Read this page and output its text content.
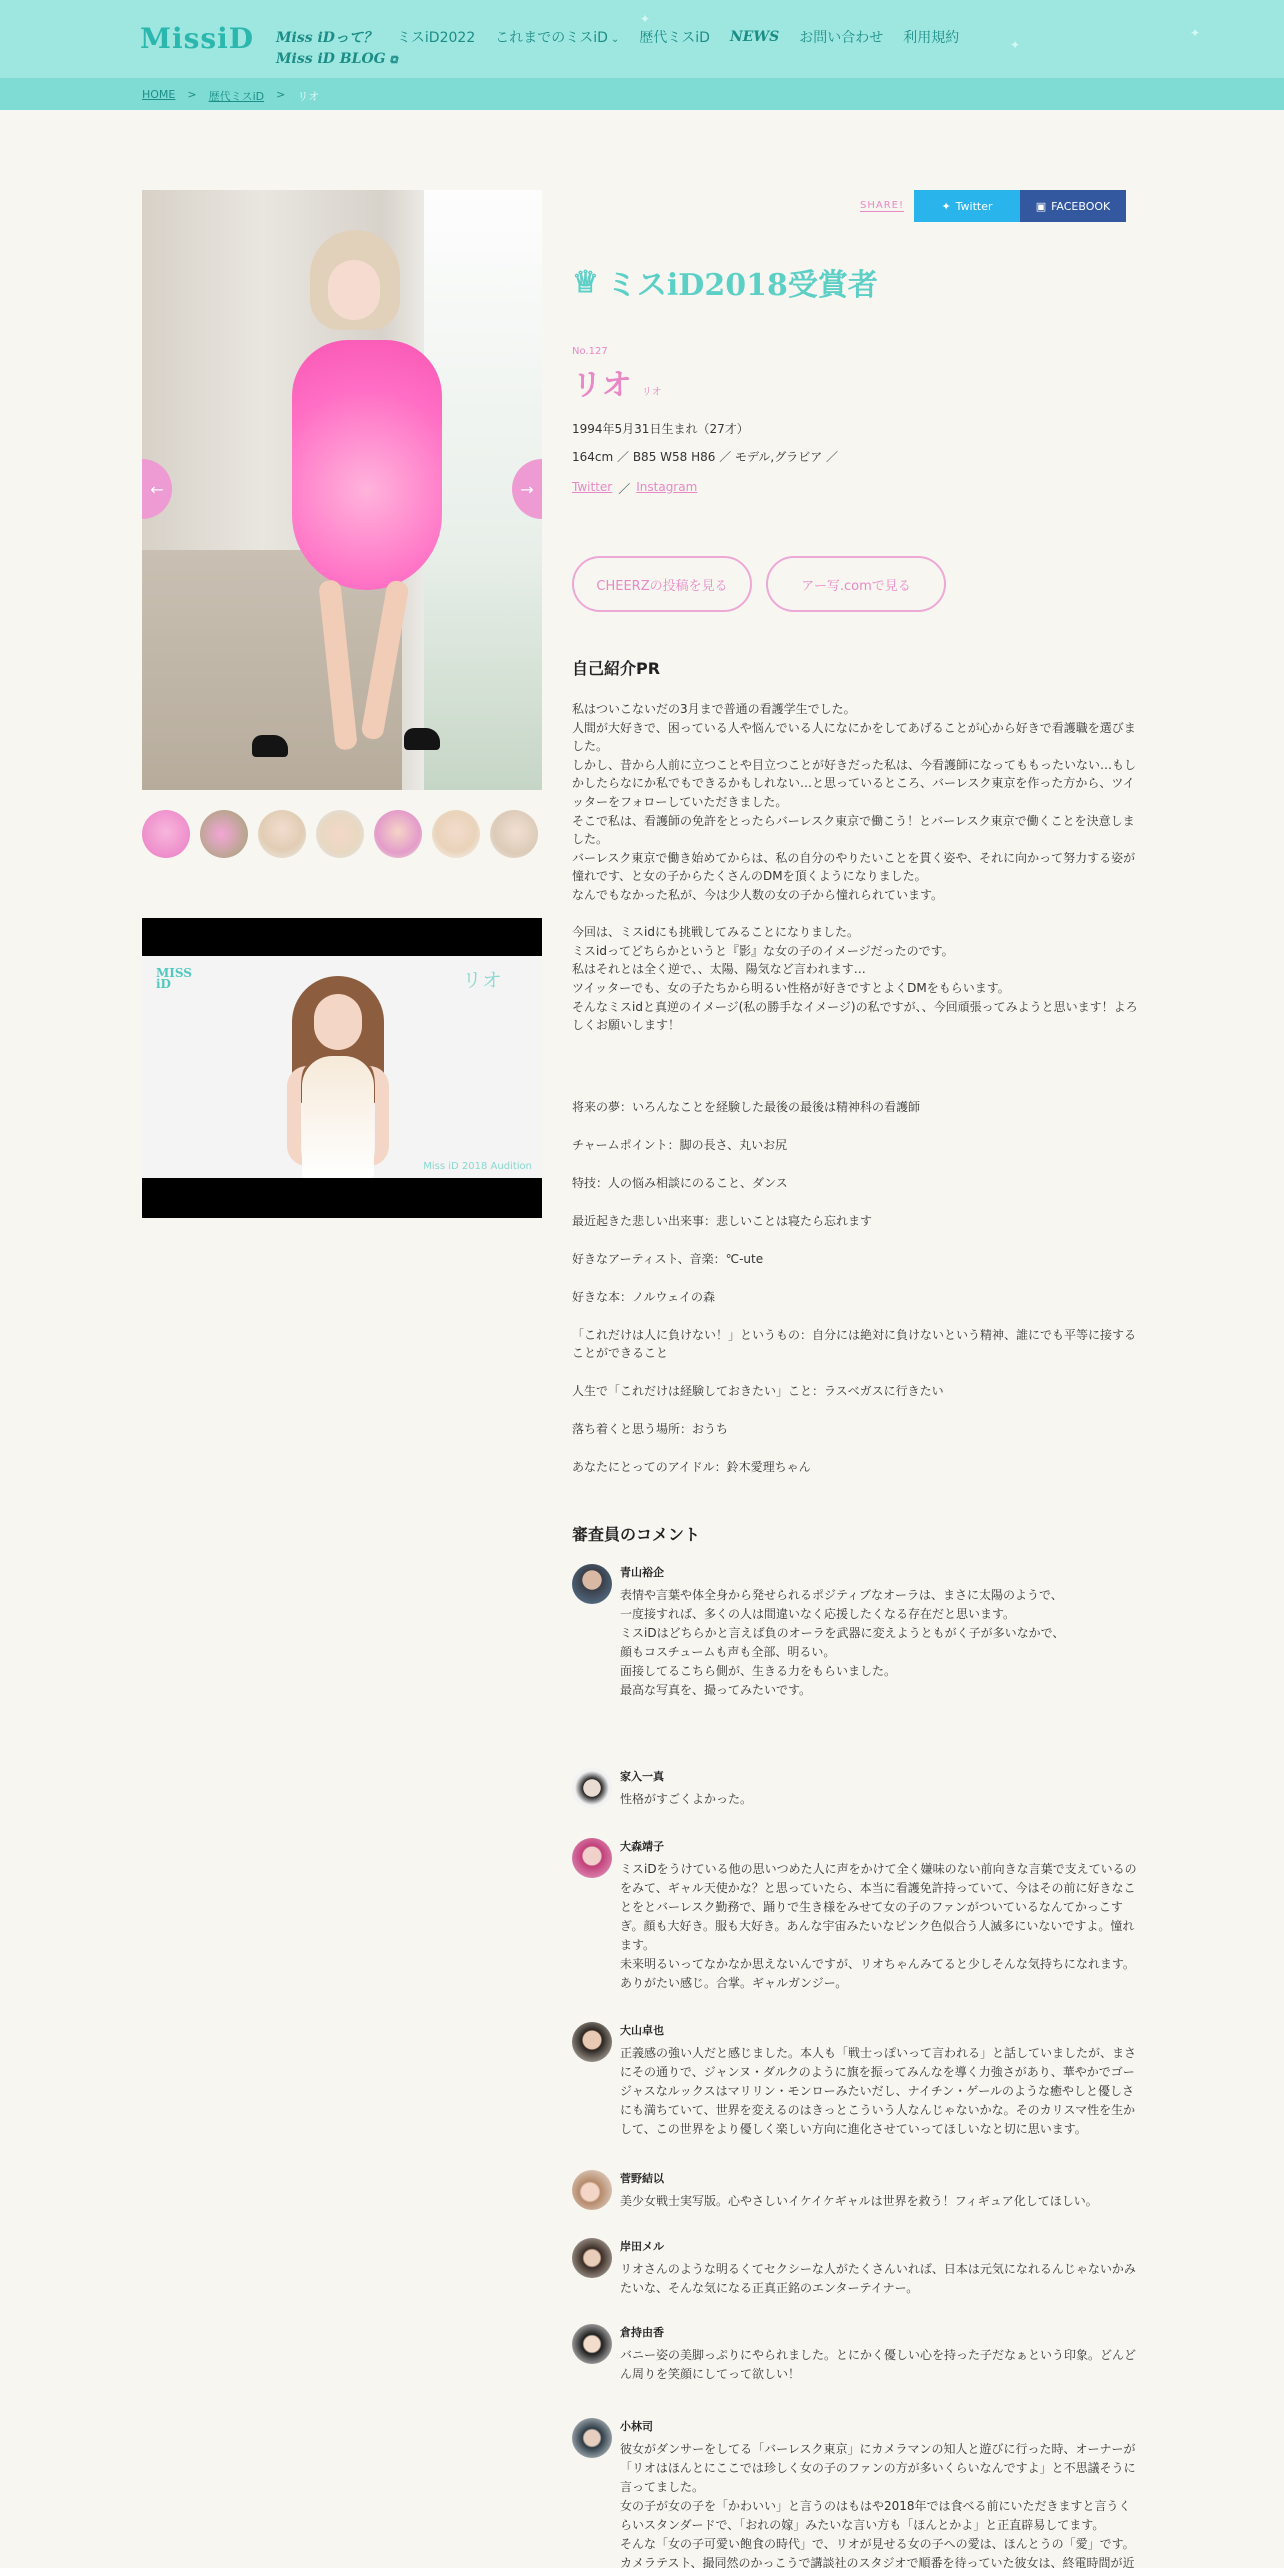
MissiD
✦
✦
✦
Miss iDって？ ミスiD2022 これまでのミスiD ⌄ 歴代ミスiD NEWS お問い合わせ 利用規約
Miss iD BLOG ⧉
HOME > 歴代ミスiD > リオ
←	→
MISS
iD	リオ
Miss iD 2018 Audition
SHARE!	✦ Twitter	▣ FACEBOOK
♕ ミスiD2018受賞者
No.127
リオ リオ
1994年5月31日生まれ（27才）
164cm ／ B85 W58 H86 ／ モデル,グラビア ／
Twitter ／ Instagram
CHEERZの投稿を見る	アー写.comで見る
自己紹介PR
私はついこないだの3月まで普通の看護学生でした。
人間が大好きで、困っている人や悩んでいる人になにかをしてあげることが心から好きで看護職を選びました。
しかし、昔から人前に立つことや目立つことが好きだった私は、今看護師になってももったいない…もしかしたらなにか私でもできるかもしれない…と思っているところ、バーレスク東京を作った方から、ツイッターをフォローしていただきました。
そこで私は、看護師の免許をとったらバーレスク東京で働こう！とバーレスク東京で働くことを決意しました。
バーレスク東京で働き始めてからは、私の自分のやりたいことを貫く姿や、それに向かって努力する姿が憧れです、と女の子からたくさんのDMを頂くようになりました。
なんでもなかった私が、今は少人数の女の子から憧れられています。
今回は、ミスidにも挑戦してみることになりました。
ミスidってどちらかというと『影』な女の子のイメージだったのです。
私はそれとは全く逆で、、太陽、陽気など言われます…
ツイッターでも、女の子たちから明るい性格が好きですとよくDMをもらいます。
そんなミスidと真逆のイメージ(私の勝手なイメージ)の私ですが、、今回頑張ってみようと思います！よろしくお願いします！
将来の夢：いろんなことを経験した最後の最後は精神科の看護師
チャームポイント：脚の長さ、丸いお尻
特技：人の悩み相談にのること、ダンス
最近起きた悲しい出来事：悲しいことは寝たら忘れます
好きなアーティスト、音楽：℃-ute
好きな本：ノルウェイの森
「これだけは人に負けない！」というもの：自分には絶対に負けないという精神、誰にでも平等に接することができること
人生で「これだけは経験しておきたい」こと：ラスベガスに行きたい
落ち着くと思う場所：おうち
あなたにとってのアイドル：鈴木愛理ちゃん
審査員のコメント
青山裕企
表情や言葉や体全身から発せられるポジティブなオーラは、まさに太陽のようで、
一度接すれば、多くの人は間違いなく応援したくなる存在だと思います。
ミスiDはどちらかと言えば負のオーラを武器に変えようともがく子が多いなかで、
顔もコスチュームも声も全部、明るい。
面接してるこちら側が、生きる力をもらいました。
最高な写真を、撮ってみたいです。
家入一真
性格がすごくよかった。
大森靖子
ミスiDをうけている他の思いつめた人に声をかけて全く嫌味のない前向きな言葉で支えているのをみて、ギャル天使かな？と思っていたら、本当に看護免許持っていて、今はその前に好きなことをとバーレスク勤務で、踊りで生き様をみせて女の子のファンがついているなんてかっこすぎ。顔も大好き。服も大好き。あんな宇宙みたいなピンク色似合う人滅多にいないですよ。憧れます。
未来明るいってなかなか思えないんですが、リオちゃんみてると少しそんな気持ちになれます。ありがたい感じ。合掌。ギャルガンジー。
大山卓也
正義感の強い人だと感じました。本人も「戦士っぽいって言われる」と話していましたが、まさにその通りで、ジャンヌ・ダルクのように旗を振ってみんなを導く力強さがあり、華やかでゴージャスなルックスはマリリン・モンローみたいだし、ナイチン・ゲールのような癒やしと優しさにも満ちていて、世界を変えるのはきっとこういう人なんじゃないかな。そのカリスマ性を生かして、この世界をより優しく楽しい方向に進化させていってほしいなと切に思います。
菅野結以
美少女戦士実写版。心やさしいイケイケギャルは世界を救う！フィギュア化してほしい。
岸田メル
リオさんのような明るくてセクシーな人がたくさんいれば、日本は元気になれるんじゃないかみたいな、そんな気になる正真正銘のエンターテイナー。
倉持由香
バニー姿の美脚っぷりにやられました。とにかく優しい心を持った子だなぁという印象。どんどん周りを笑顔にしてって欲しい！
小林司
彼女がダンサーをしてる「バーレスク東京」にカメラマンの知人と遊びに行った時、オーナーが「リオはほんとにここでは珍しく女の子のファンの方が多いくらいなんですよ」と不思議そうに言ってました。
女の子が女の子を「かわいい」と言うのはもはや2018年では食べる前にいただきますと言うくらいスタンダードで、「おれの嫁」みたいな言い方も「ほんとかよ」と正直辟易してます。
そんな「女の子可愛い飽食の時代」で、リオが見せる女の子への愛は、ほんとうの「愛」です。
カメラテスト、撮同然のかっこうで講談社のスタジオで順番を待っていた彼女は、終電時間が近
